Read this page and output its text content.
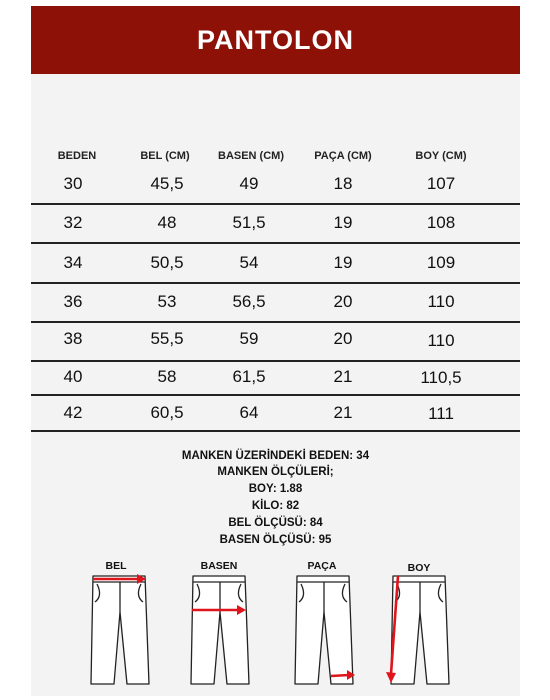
PANTOLON
BEDEN	BEL (CM)	BASEN (CM)	PAÇA (CM)	BOY (CM)
30	45,5	49	18	107
32	48	51,5	19	108
34	50,5	54	19	109
36	53	56,5	20	110
38	55,5	59	20	110
40	58	61,5	21	110,5
42	60,5	64	21	111
MANKEN ÜZERİNDEKİ BEDEN: 34
MANKEN ÖLÇÜLERİ;
BOY: 1.88
KİLO: 82
BEL ÖLÇÜSÜ: 84
BASEN ÖLÇÜSÜ: 95
BEL	BASEN	PAÇA	BOY
